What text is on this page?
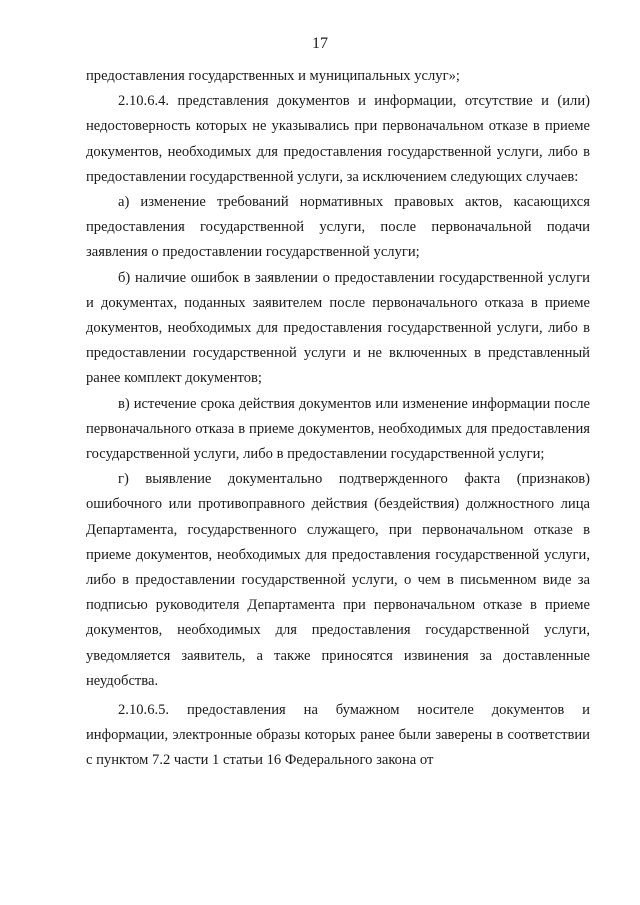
17

предоставления государственных и муниципальных услуг»;

2.10.6.4. представления документов и информации, отсутствие и (или) недостоверность которых не указывались при первоначальном отказе в приеме документов, необходимых для предоставления государственной услуги, либо в предоставлении государственной услуги, за исключением следующих случаев:

а) изменение требований нормативных правовых актов, касающихся предоставления государственной услуги, после первоначальной подачи заявления о предоставлении государственной услуги;

б) наличие ошибок в заявлении о предоставлении государственной услуги и документах, поданных заявителем после первоначального отказа в приеме документов, необходимых для предоставления государственной услуги, либо в предоставлении государственной услуги и не включенных в представленный ранее комплект документов;

в) истечение срока действия документов или изменение информации после первоначального отказа в приеме документов, необходимых для предоставления государственной услуги, либо в предоставлении государственной услуги;

г) выявление документально подтвержденного факта (признаков) ошибочного или противоправного действия (бездействия) должностного лица Департамента, государственного служащего, при первоначальном отказе в приеме документов, необходимых для предоставления государственной услуги, либо в предоставлении государственной услуги, о чем в письменном виде за подписью руководителя Департамента при первоначальном отказе в приеме документов, необходимых для предоставления государственной услуги, уведомляется заявитель, а также приносятся извинения за доставленные неудобства.

2.10.6.5. предоставления на бумажном носителе документов и информации, электронные образы которых ранее были заверены в соответствии с пунктом 7.2 части 1 статьи 16 Федерального закона от
